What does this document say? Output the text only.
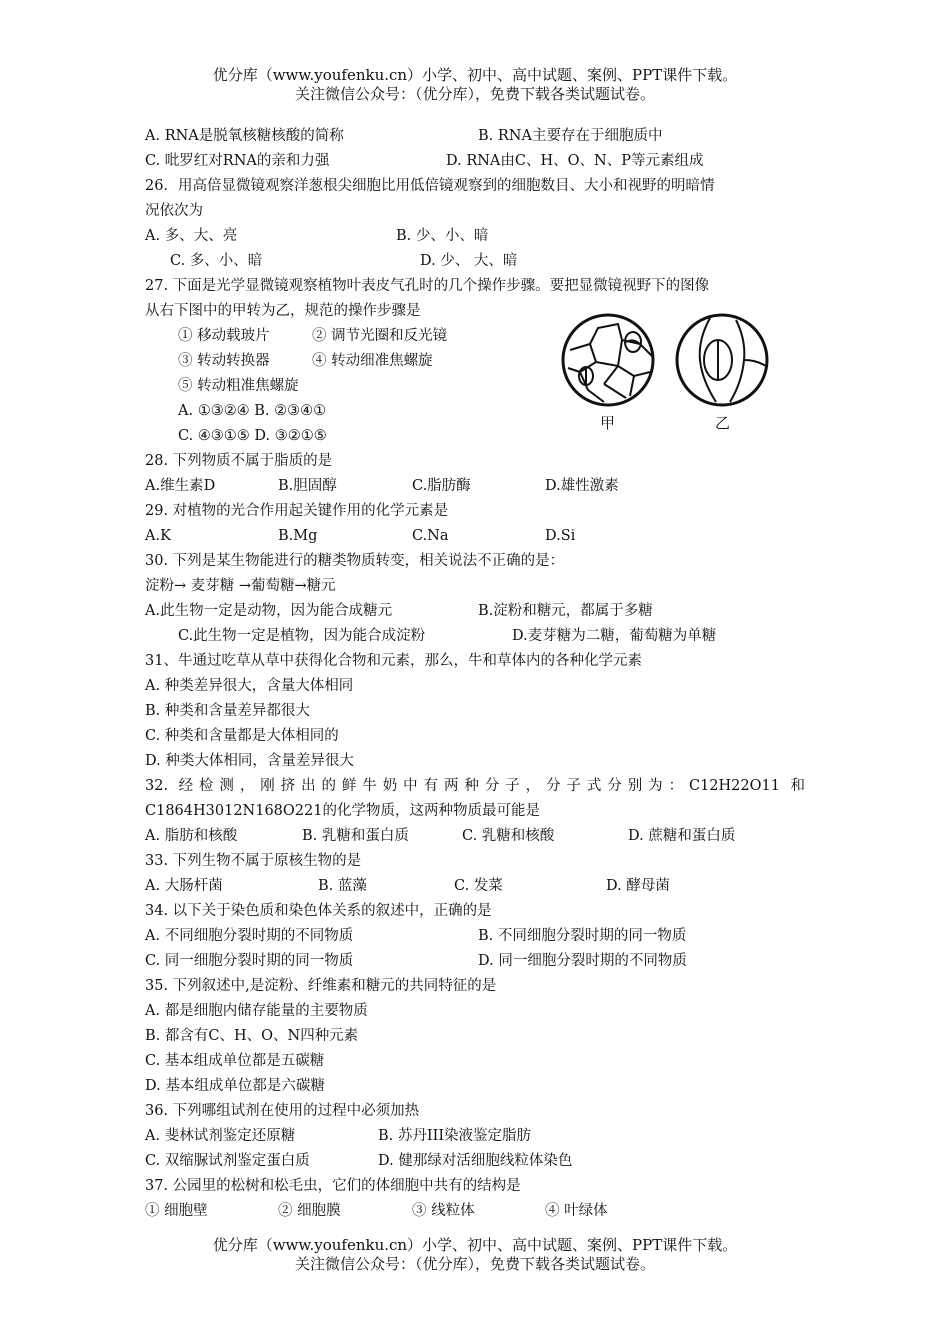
优分库（www.youfenku.cn）小学、初中、高中试题、案例、PPT课件下载。
关注微信公众号：（优分库），免费下载各类试题试卷。
A. RNA是脱氧核糖核酸的简称	B. RNA主要存在于细胞质中
C. 吡罗红对RNA的亲和力强	D. RNA由C、H、O、N、P等元素组成
26．用高倍显微镜观察洋葱根尖细胞比用低倍镜观察到的细胞数目、大小和视野的明暗情
况依次为
A. 多、大、亮	B. 少、小、暗
C. 多、小、暗	D. 少、 大、暗
27. 下面是光学显微镜观察植物叶表皮气孔时的几个操作步骤。要把显微镜视野下的图像
从右下图中的甲转为乙，规范的操作步骤是
① 移动载玻片	② 调节光圈和反光镜
③ 转动转换器	④ 转动细准焦螺旋
⑤ 转动粗准焦螺旋
A. ①③②④ B. ②③④①
C. ④③①⑤ D. ③②①⑤
甲	乙
28. 下列物质不属于脂质的是
A.维生素D	B.胆固醇	C.脂肪酶	D.雄性激素
29. 对植物的光合作用起关键作用的化学元素是
A.K	B.Mg	C.Na	D.Si
30. 下列是某生物能进行的糖类物质转变，相关说法不正确的是：
淀粉→ 麦芽糖 →葡萄糖→糖元
A.此生物一定是动物，因为能合成糖元	B.淀粉和糖元，都属于多糖
C.此生物一定是植物，因为能合成淀粉	D.麦芽糖为二糖，葡萄糖为单糖
31、牛通过吃草从草中获得化合物和元素，那么，牛和草体内的各种化学元素
A. 种类差异很大，含量大体相同
B. 种类和含量差异都很大
C. 种类和含量都是大体相同的
D. 种类大体相同，含量差异很大
32. 经检测，刚挤出的鲜牛奶中有两种分子，分子式分别为：C12H22O11 和
C1864H3012N168O221的化学物质，这两种物质最可能是
A. 脂肪和核酸	B. 乳糖和蛋白质	C. 乳糖和核酸	D. 蔗糖和蛋白质
33. 下列生物不属于原核生物的是
A. 大肠杆菌	B. 蓝藻	C. 发菜	D. 酵母菌
34. 以下关于染色质和染色体关系的叙述中，正确的是
A. 不同细胞分裂时期的不同物质	B. 不同细胞分裂时期的同一物质
C. 同一细胞分裂时期的同一物质	D. 同一细胞分裂时期的不同物质
35. 下列叙述中,是淀粉、纤维素和糖元的共同特征的是
A. 都是细胞内储存能量的主要物质
B. 都含有C、H、O、N四种元素
C. 基本组成单位都是五碳糖
D. 基本组成单位都是六碳糖
36. 下列哪组试剂在使用的过程中必须加热
A. 斐林试剂鉴定还原糖	B. 苏丹III染液鉴定脂肪
C. 双缩脲试剂鉴定蛋白质	D. 健那绿对活细胞线粒体染色
37. 公园里的松树和松毛虫，它们的体细胞中共有的结构是
① 细胞壁	② 细胞膜	③ 线粒体	④ 叶绿体
优分库（www.youfenku.cn）小学、初中、高中试题、案例、PPT课件下载。
关注微信公众号：（优分库），免费下载各类试题试卷。
